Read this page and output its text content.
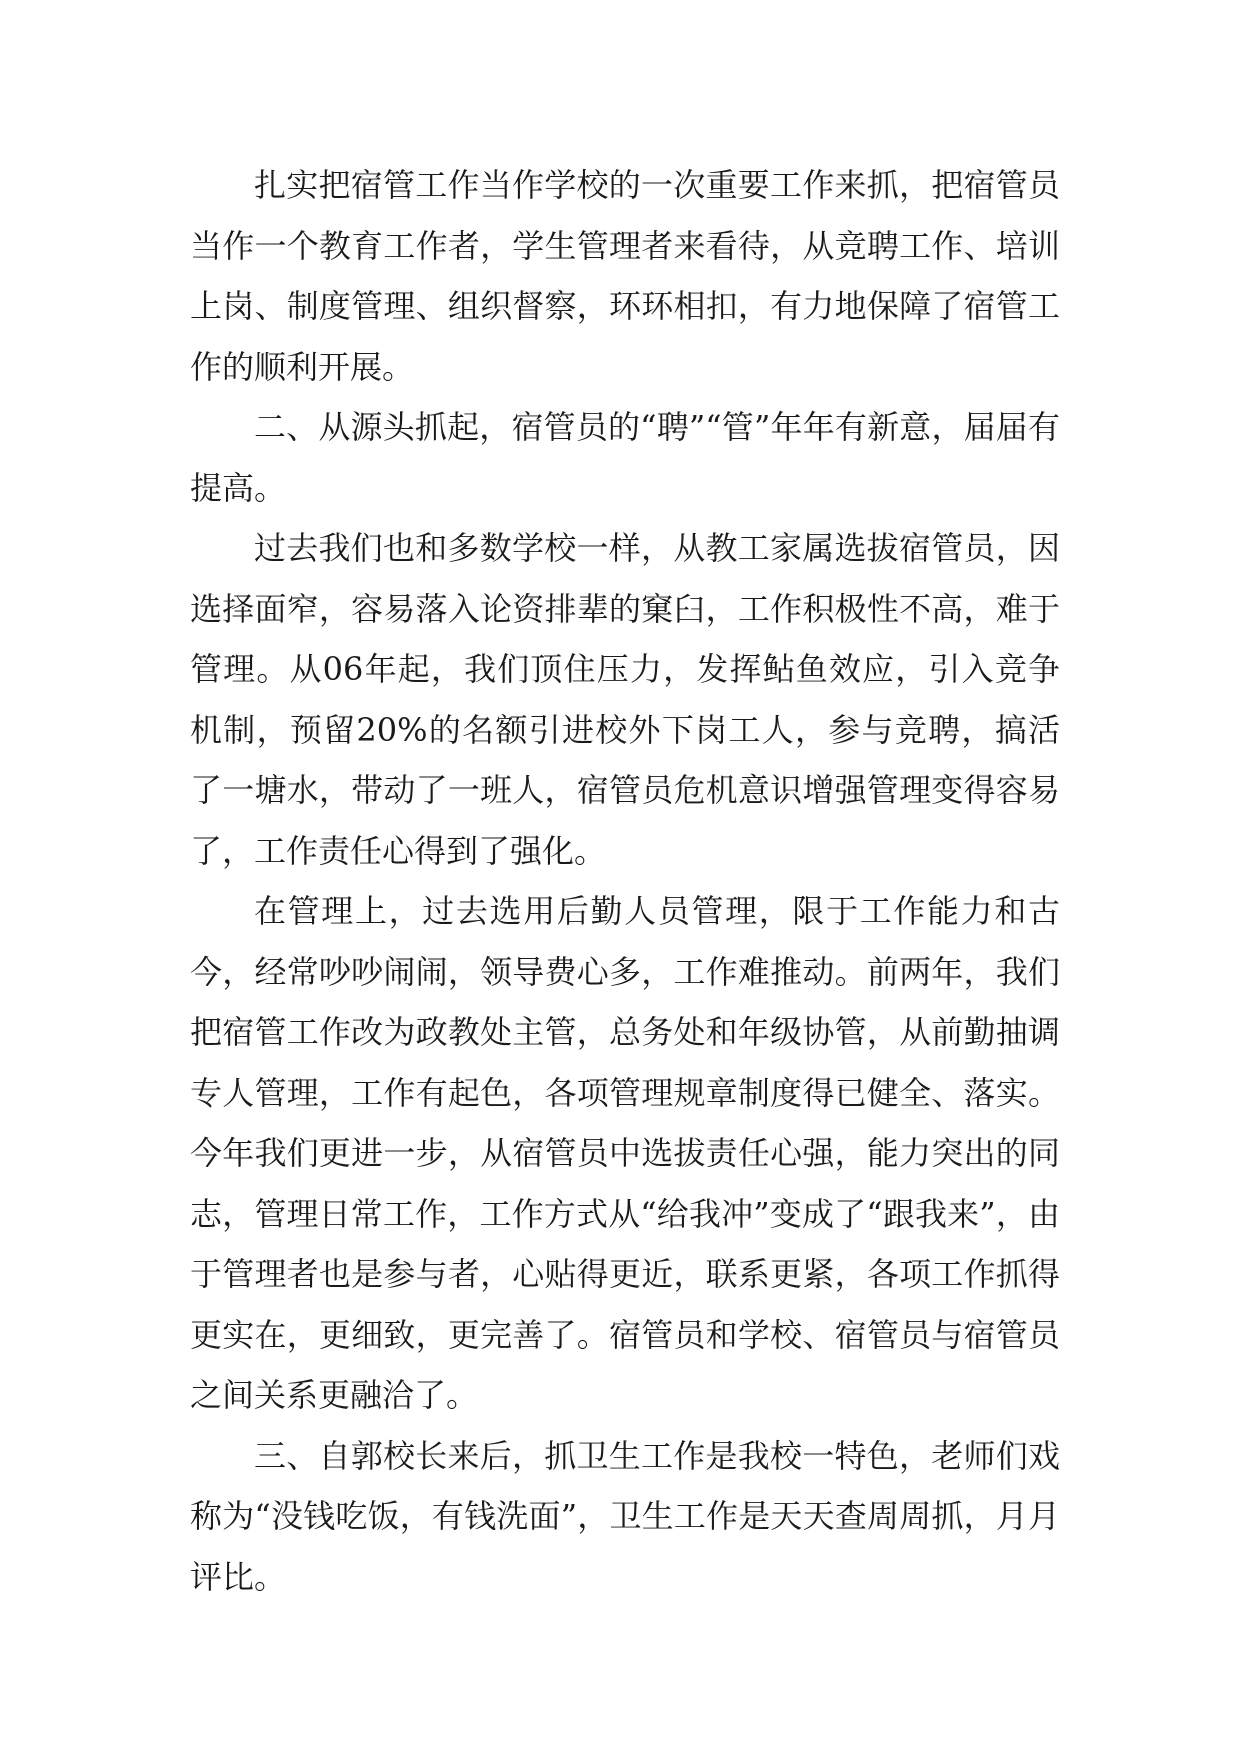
扎实把宿管工作当作学校的一次重要工作来抓，把宿管员当作一个教育工作者，学生管理者来看待，从竞聘工作、培训上岗、制度管理、组织督察，环环相扣，有力地保障了宿管工作的顺利开展。

二、从源头抓起，宿管员的“聘”“管”年年有新意，届届有提高。

过去我们也和多数学校一样，从教工家属选拔宿管员，因选择面窄，容易落入论资排辈的窠臼，工作积极性不高，难于管理。从06年起，我们顶住压力，发挥鲇鱼效应，引入竞争机制，预留20%的名额引进校外下岗工人，参与竞聘，搞活了一塘水，带动了一班人，宿管员危机意识增强管理变得容易了，工作责任心得到了强化。

在管理上，过去选用后勤人员管理，限于工作能力和古今，经常吵吵闹闹，领导费心多，工作难推动。前两年，我们把宿管工作改为政教处主管，总务处和年级协管，从前勤抽调专人管理，工作有起色，各项管理规章制度得已健全、落实。今年我们更进一步，从宿管员中选拔责任心强，能力突出的同志，管理日常工作，工作方式从“给我冲”变成了“跟我来”，由于管理者也是参与者，心贴得更近，联系更紧，各项工作抓得更实在，更细致，更完善了。宿管员和学校、宿管员与宿管员之间关系更融洽了。

三、自郭校长来后，抓卫生工作是我校一特色，老师们戏称为“没钱吃饭，有钱洗面”，卫生工作是天天查周周抓，月月评比。
